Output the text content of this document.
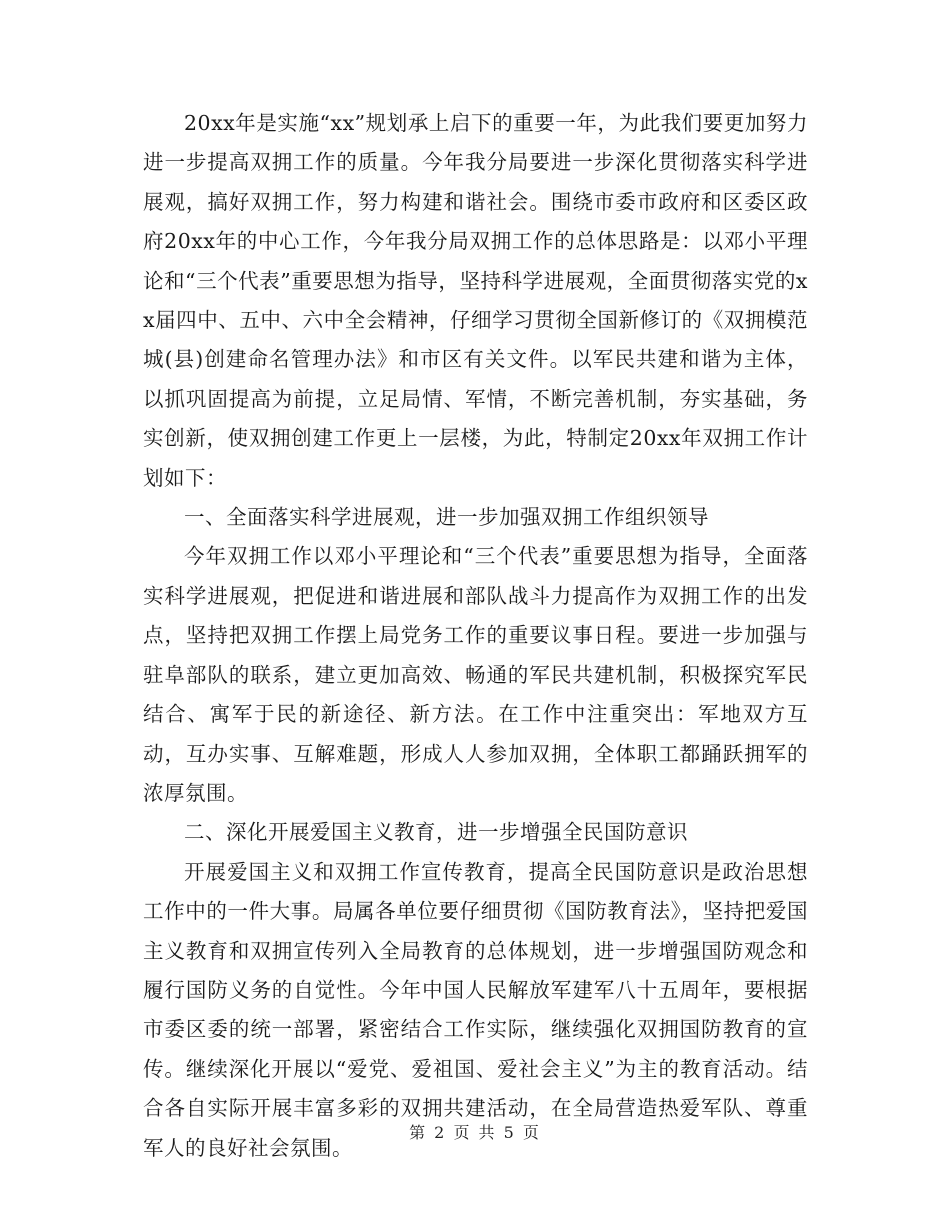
20xx年是实施“xx”规划承上启下的重要一年，为此我们要更加努力进一步提高双拥工作的质量。今年我分局要进一步深化贯彻落实科学进展观，搞好双拥工作，努力构建和谐社会。围绕市委市政府和区委区政府20xx年的中心工作，今年我分局双拥工作的总体思路是：以邓小平理论和“三个代表”重要思想为指导，坚持科学进展观，全面贯彻落实党的xx届四中、五中、六中全会精神，仔细学习贯彻全国新修订的《双拥模范城(县)创建命名管理办法》和市区有关文件。以军民共建和谐为主体，以抓巩固提高为前提，立足局情、军情，不断完善机制，夯实基础，务实创新，使双拥创建工作更上一层楼，为此，特制定20xx年双拥工作计划如下：

一、全面落实科学进展观，进一步加强双拥工作组织领导

今年双拥工作以邓小平理论和“三个代表”重要思想为指导，全面落实科学进展观，把促进和谐进展和部队战斗力提高作为双拥工作的出发点，坚持把双拥工作摆上局党务工作的重要议事日程。要进一步加强与驻阜部队的联系，建立更加高效、畅通的军民共建机制，积极探究军民结合、寓军于民的新途径、新方法。在工作中注重突出：军地双方互动，互办实事、互解难题，形成人人参加双拥，全体职工都踊跃拥军的浓厚氛围。

二、深化开展爱国主义教育，进一步增强全民国防意识

开展爱国主义和双拥工作宣传教育，提高全民国防意识是政治思想工作中的一件大事。局属各单位要仔细贯彻《国防教育法》，坚持把爱国主义教育和双拥宣传列入全局教育的总体规划，进一步增强国防观念和履行国防义务的自觉性。今年中国人民解放军建军八十五周年，要根据市委区委的统一部署，紧密结合工作实际，继续强化双拥国防教育的宣传。继续深化开展以“爱党、爱祖国、爱社会主义”为主的教育活动。结合各自实际开展丰富多彩的双拥共建活动，在全局营造热爱军队、尊重军人的良好社会氛围。

第 2 页 共 5 页
